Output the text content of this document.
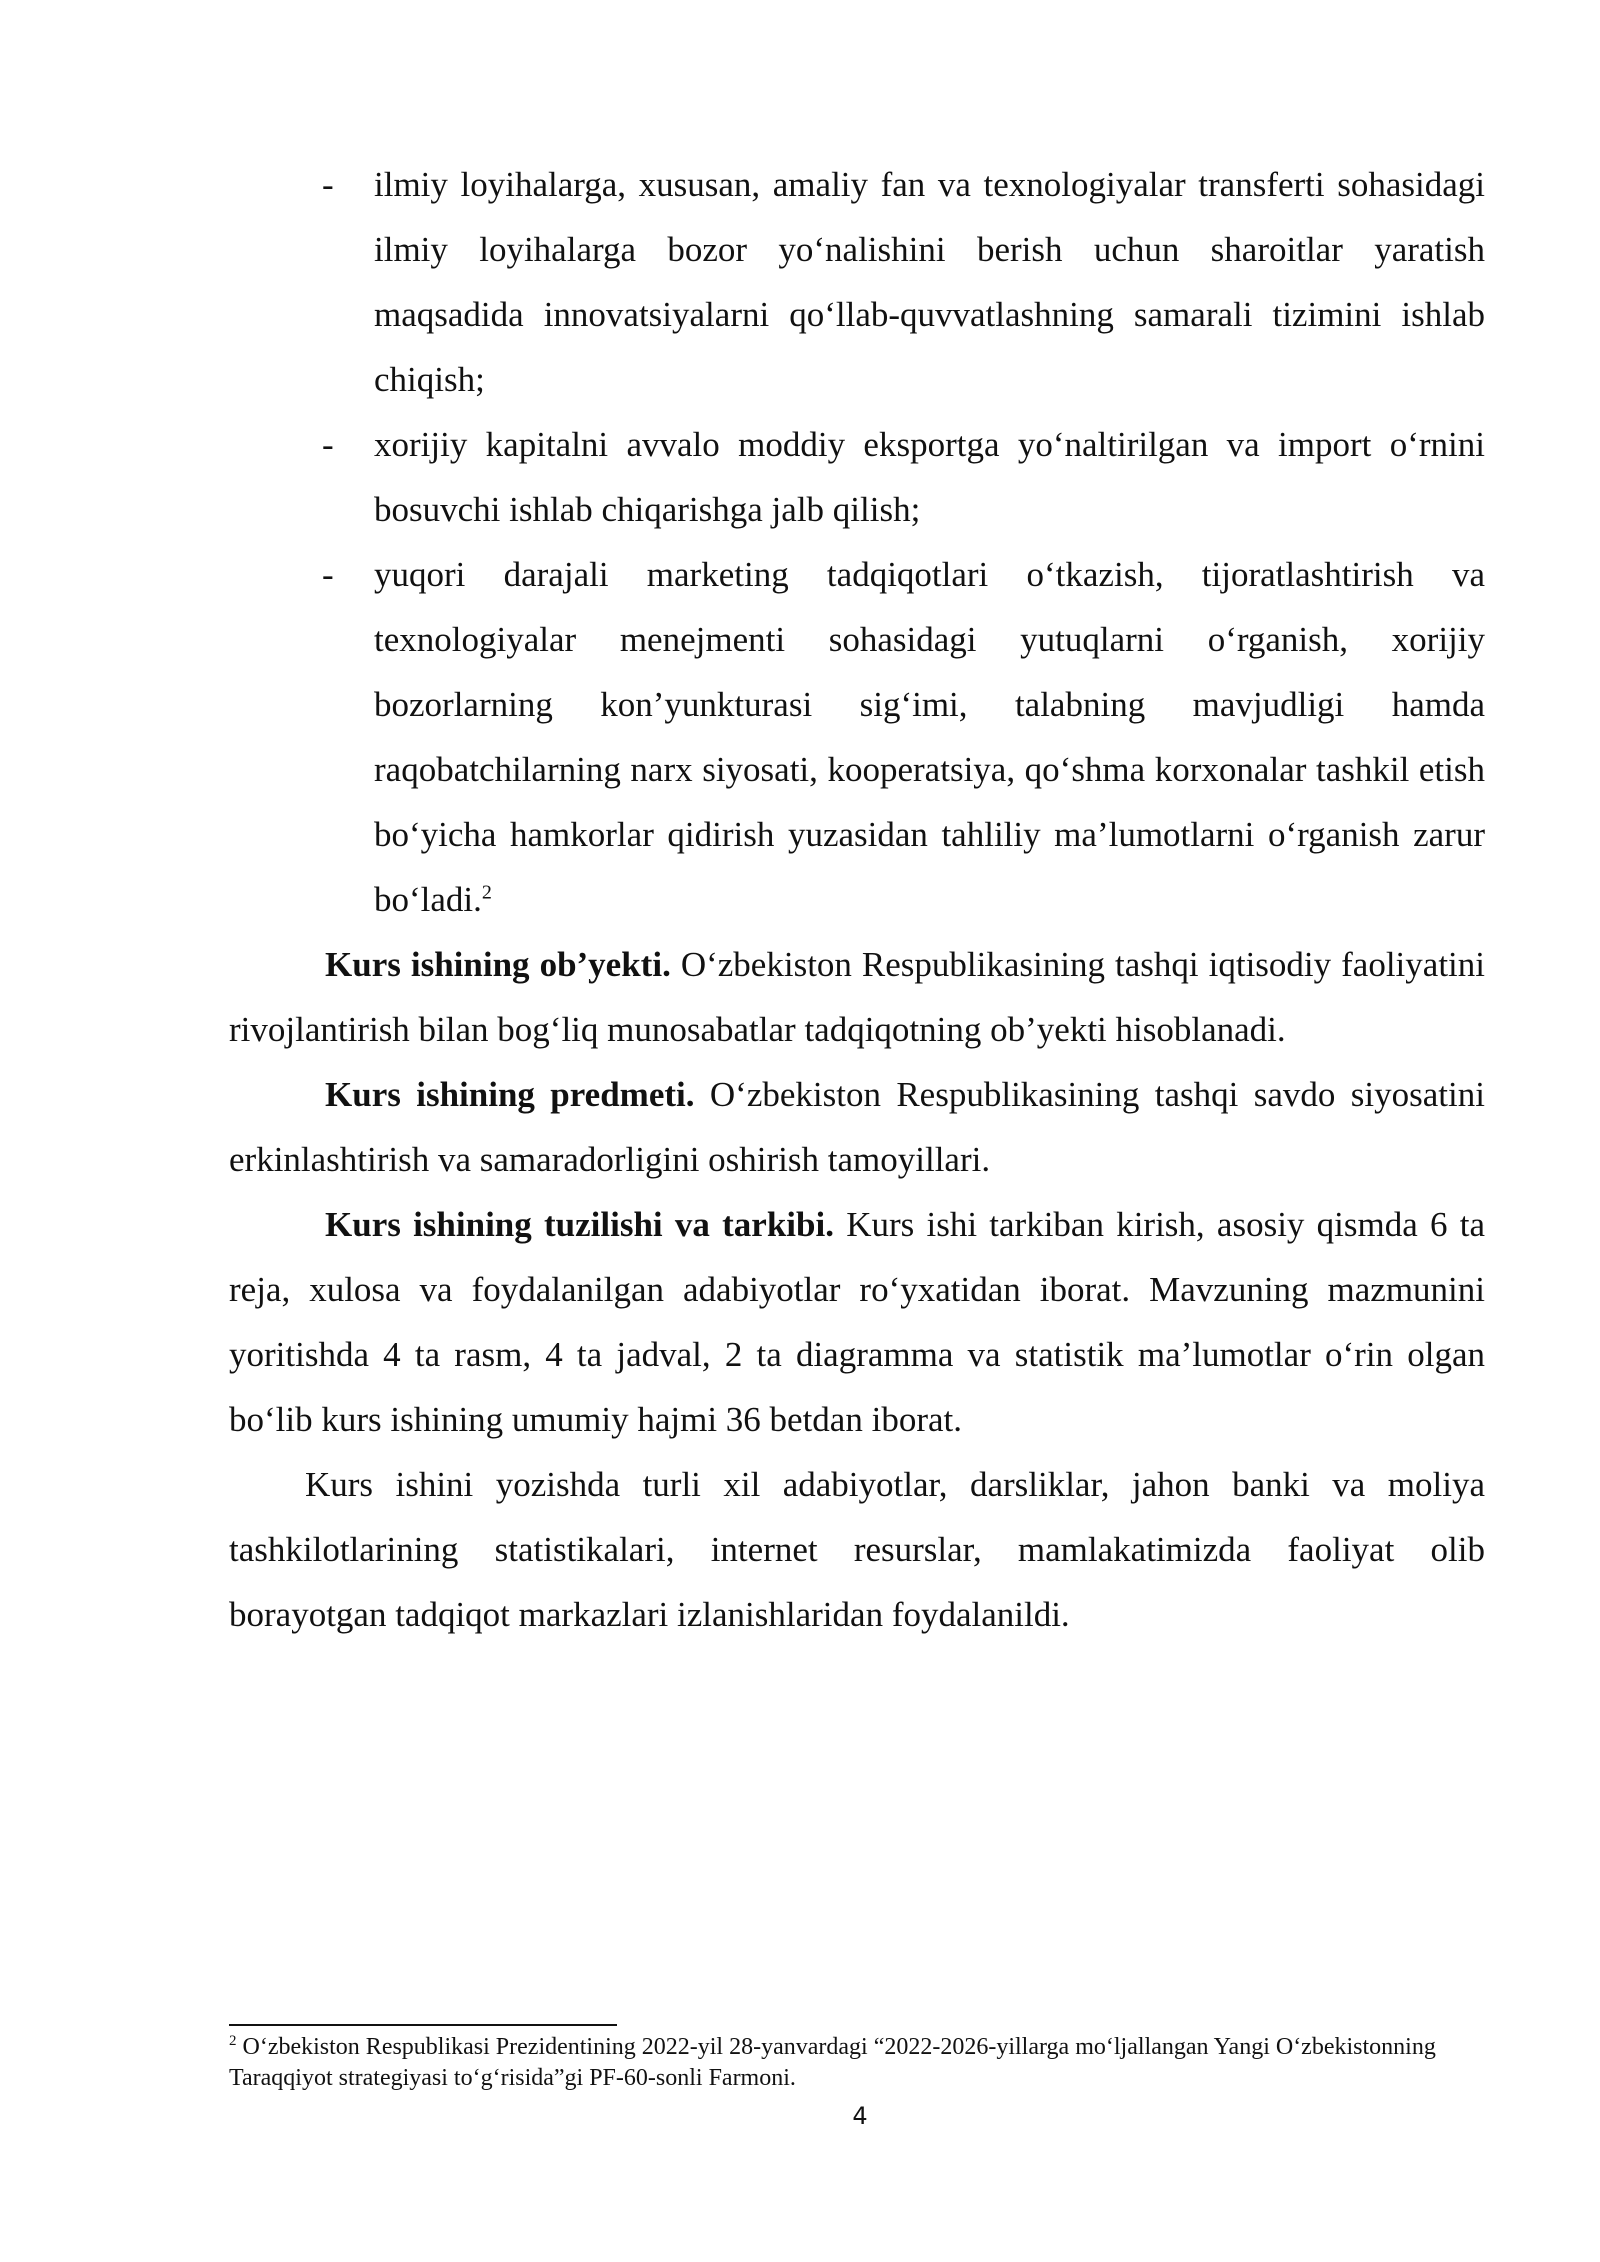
- ilmiy loyihalarga, xususan, amaliy fan va texnologiyalar transferti sohasidagi ilmiy loyihalarga bozor yo‘nalishini berish uchun sharoitlar yaratish maqsadida innovatsiyalarni qo‘llab-quvvatlashning samarali tizimini ishlab chiqish;

- xorijiy kapitalni avvalo moddiy eksportga yo‘naltirilgan va import o‘rnini bosuvchi ishlab chiqarishga jalb qilish;

- yuqori darajali marketing tadqiqotlari o‘tkazish, tijoratlashtirish va texnologiyalar menejmenti sohasidagi yutuqlarni o‘rganish, xorijiy bozorlarning kon’yunkturasi sig‘imi, talabning mavjudligi hamda raqobatchilarning narx siyosati, kooperatsiya, qo‘shma korxonalar tashkil etish bo‘yicha hamkorlar qidirish yuzasidan tahliliy ma’lumotlarni o‘rganish zarur bo‘ladi.$^2$

Kurs ishining ob’yekti. O‘zbekiston Respublikasining tashqi iqtisodiy faoliyatini rivojlantirish bilan bog‘liq munosabatlar tadqiqotning ob’yekti hisoblanadi.

Kurs ishining predmeti. O‘zbekiston Respublikasining tashqi savdo siyosatini erkinlashtirish va samaradorligini oshirish tamoyillari.

Kurs ishining tuzilishi va tarkibi. Kurs ishi tarkiban kirish, asosiy qismda 6 ta reja, xulosa va foydalanilgan adabiyotlar ro‘yxatidan iborat. Mavzuning mazmunini yoritishda 4 ta rasm, 4 ta jadval, 2 ta diagramma va statistik ma’lumotlar o‘rin olgan bo‘lib kurs ishining umumiy hajmi 36 betdan iborat.

Kurs ishini yozishda turli xil adabiyotlar, darsliklar, jahon banki va moliya tashkilotlarining statistikalari, internet resurslar, mamlakatimizda faoliyat olib borayotgan tadqiqot markazlari izlanishlaridan foydalanildi.

$^2$ O‘zbekiston Respublikasi Prezidentining 2022-yil 28-yanvardagi “2022-2026-yillarga mo‘ljallangan Yangi O‘zbekistonning Taraqqiyot strategiyasi to‘g‘risida”gi PF-60-sonli Farmoni.
4
